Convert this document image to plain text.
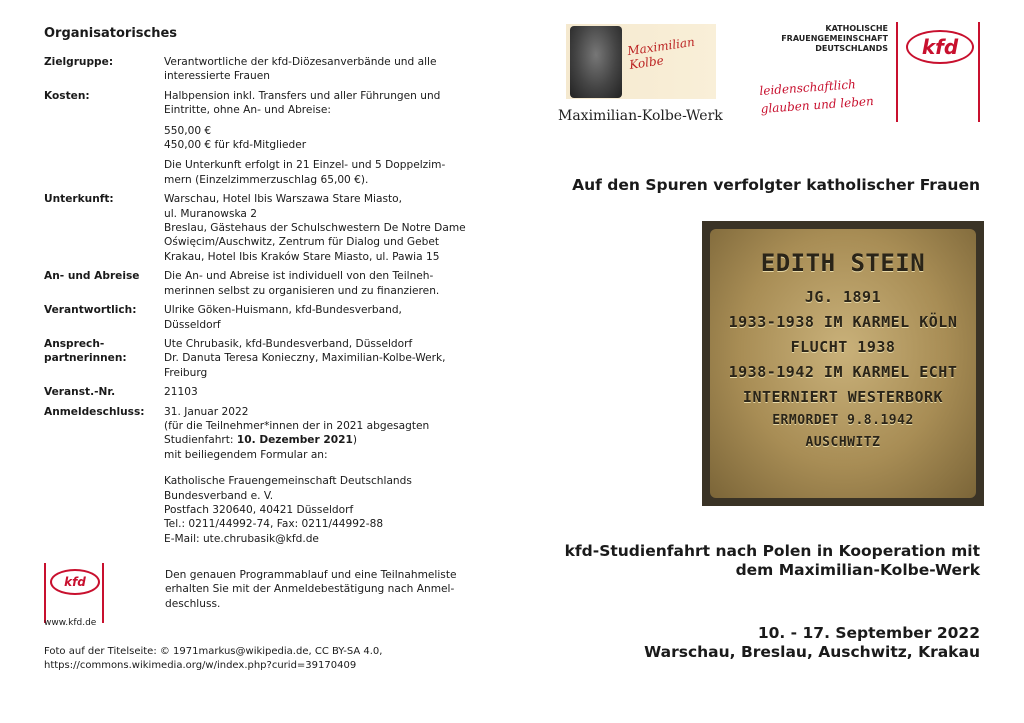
Organisatorisches
Zielgruppe:	Verantwortliche der kfd-Diözesanverbände und alle
interessierte Frauen
Kosten:	Halbpension inkl. Transfers und aller Führungen und
Eintritte, ohne An- und Abreise:
550,00 €
450,00 € für kfd-Mitglieder
Die Unterkunft erfolgt in 21 Einzel- und 5 Doppelzim-
mern (Einzelzimmerzuschlag 65,00 €).
Unterkunft:	Warschau, Hotel Ibis Warszawa Stare Miasto,
ul. Muranowska 2
Breslau, Gästehaus der Schulschwestern De Notre Dame
Oświęcim/Auschwitz, Zentrum für Dialog und Gebet
Krakau, Hotel Ibis Kraków Stare Miasto, ul. Pawia 15
An- und Abreise	Die An- und Abreise ist individuell von den Teilneh-
merinnen selbst zu organisieren und zu finanzieren.
Verantwortlich:	Ulrike Göken-Huismann, kfd-Bundesverband,
Düsseldorf
Ansprech-
partnerinnen:
Ute Chrubasik, kfd-Bundesverband, Düsseldorf
Dr. Danuta Teresa Konieczny, Maximilian-Kolbe-Werk,
Freiburg
Veranst.-Nr.	21103
Anmeldeschluss:	31. Januar 2022
(für die Teilnehmer*innen der in 2021 abgesagten
Studienfahrt: 10. Dezember 2021)
mit beiliegendem Formular an:
Katholische Frauengemeinschaft Deutschlands
Bundesverband e. V.
Postfach 320640, 40421 Düsseldorf
Tel.: 0211/44992-74, Fax: 0211/44992-88
E-Mail: ute.chrubasik@kfd.de
kfd
www.kfd.de
Den genauen Programmablauf und eine Teilnahmeliste erhalten Sie mit der Anmeldebestätigung nach Anmel-deschluss.
Foto auf der Titelseite: © 1971markus@wikipedia.de, CC BY-SA 4.0,
https://commons.wikimedia.org/w/index.php?curid=39170409
Maximilian Kolbe
Maximilian-Kolbe-Werk
KATHOLISCHE
FRAUENGEMEINSCHAFT
DEUTSCHLANDS	kfd
leidenschaftlich
glauben und leben
Auf den Spuren verfolgter katholischer Frauen
EDITH STEIN
JG. 1891
1933-1938 IM KARMEL KÖLN
FLUCHT 1938
1938-1942 IM KARMEL ECHT
INTERNIERT WESTERBORK
ERMORDET 9.8.1942
AUSCHWITZ
kfd-Studienfahrt nach Polen in Kooperation mit
dem Maximilian-Kolbe-Werk
10. - 17. September 2022
Warschau, Breslau, Auschwitz, Krakau
